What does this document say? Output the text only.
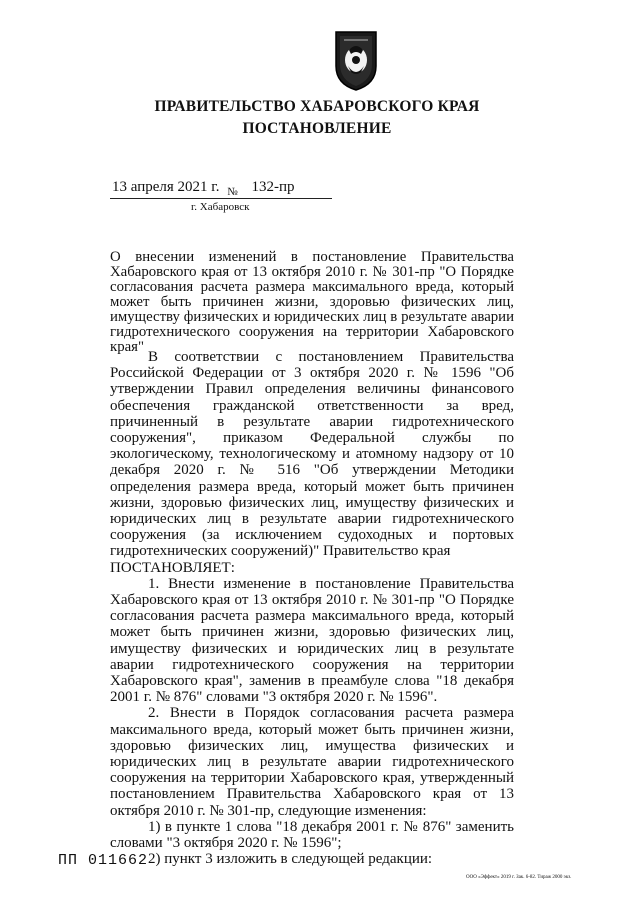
ПРАВИТЕЛЬСТВО ХАБАРОВСКОГО КРАЯ
ПОСТАНОВЛЕНИЕ
13 апреля 2021 г. $_№$ 132-пр
г. Хабаровск
О внесении изменений в постановление Правительства Хабаровского края от 13 октября 2010 г. № 301-пр "О Порядке согласования расчета размера максимального вреда, который может быть причинен жизни, здоровью физических лиц, имуществу физических и юридических лиц в результате аварии гидротехнического сооружения на территории Хабаровского края"

В соответствии с постановлением Правительства Российской Федерации от 3 октября 2020 г. № 1596 "Об утверждении Правил определения величины финансового обеспечения гражданской ответственности за вред, причиненный в результате аварии гидротехнического сооружения", приказом Федеральной службы по экологическому, технологическому и атомному надзору от 10 декабря 2020 г. № 516 "Об утверждении Методики определения размера вреда, который может быть причинен жизни, здоровью физических лиц, имуществу физических и юридических лиц в результате аварии гидротехнического сооружения (за исключением судоходных и портовых гидротехнических сооружений)" Правительство края

ПОСТАНОВЛЯЕТ:

1. Внести изменение в постановление Правительства Хабаровского края от 13 октября 2010 г. № 301-пр "О Порядке согласования расчета размера максимального вреда, который может быть причинен жизни, здоровью физических лиц, имуществу физических и юридических лиц в результате аварии гидротехнического сооружения на территории Хабаровского края", заменив в преамбуле слова "18 декабря 2001 г. № 876" словами "3 октября 2020 г. № 1596".

2. Внести в Порядок согласования расчета размера максимального вреда, который может быть причинен жизни, здоровью физических лиц, имущества физических и юридических лиц в результате аварии гидротехнического сооружения на территории Хабаровского края, утвержденный постановлением Правительства Хабаровского края от 13 октября 2010 г. № 301-пр, следующие изменения:

1) в пункте 1 слова "18 декабря 2001 г. № 876" заменить словами "3 октября 2020 г. № 1596";

2) пункт 3 изложить в следующей редакции:

ПП 011662
ООО «Эффект» 2019 г. Зак. 6-82. Тираж 2000 экз.
